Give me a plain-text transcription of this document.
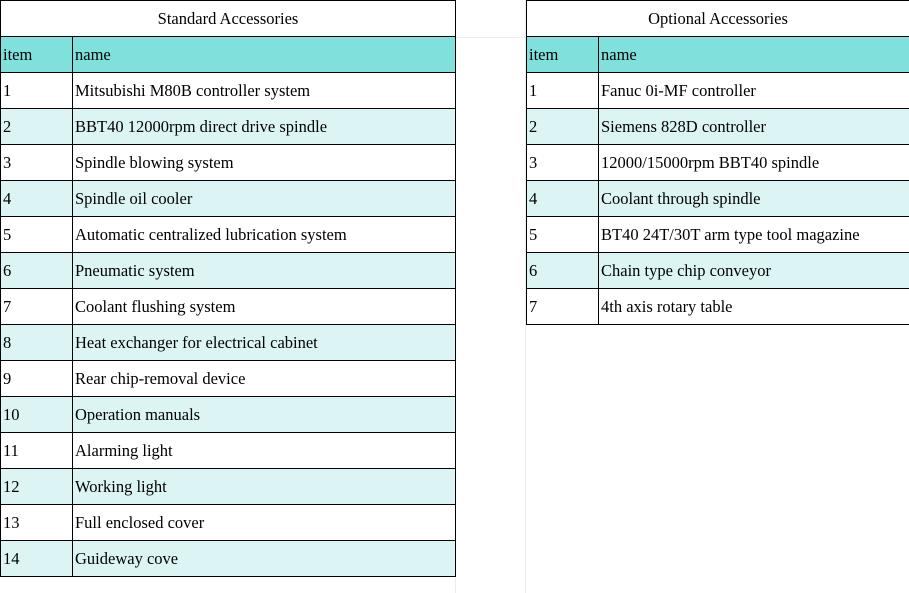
Standard Accessories	
item	name
1	Mitsubishi M80B controller system
2	BBT40 12000rpm direct drive spindle
3	Spindle blowing system
4	Spindle oil cooler
5	Automatic centralized lubrication system
6	Pneumatic system
7	Coolant flushing system
8	Heat exchanger for electrical cabinet
9	Rear chip-removal device
10	Operation manuals
11	Alarming light
12	Working light
13	Full enclosed cover
14	Guideway cove
Optional Accessories	
item	name
1	Fanuc 0i-MF controller
2	Siemens 828D controller
3	12000/15000rpm BBT40 spindle
4	Coolant through spindle
5	BT40 24T/30T arm type tool magazine
6	Chain type chip conveyor
7	4th axis rotary table
